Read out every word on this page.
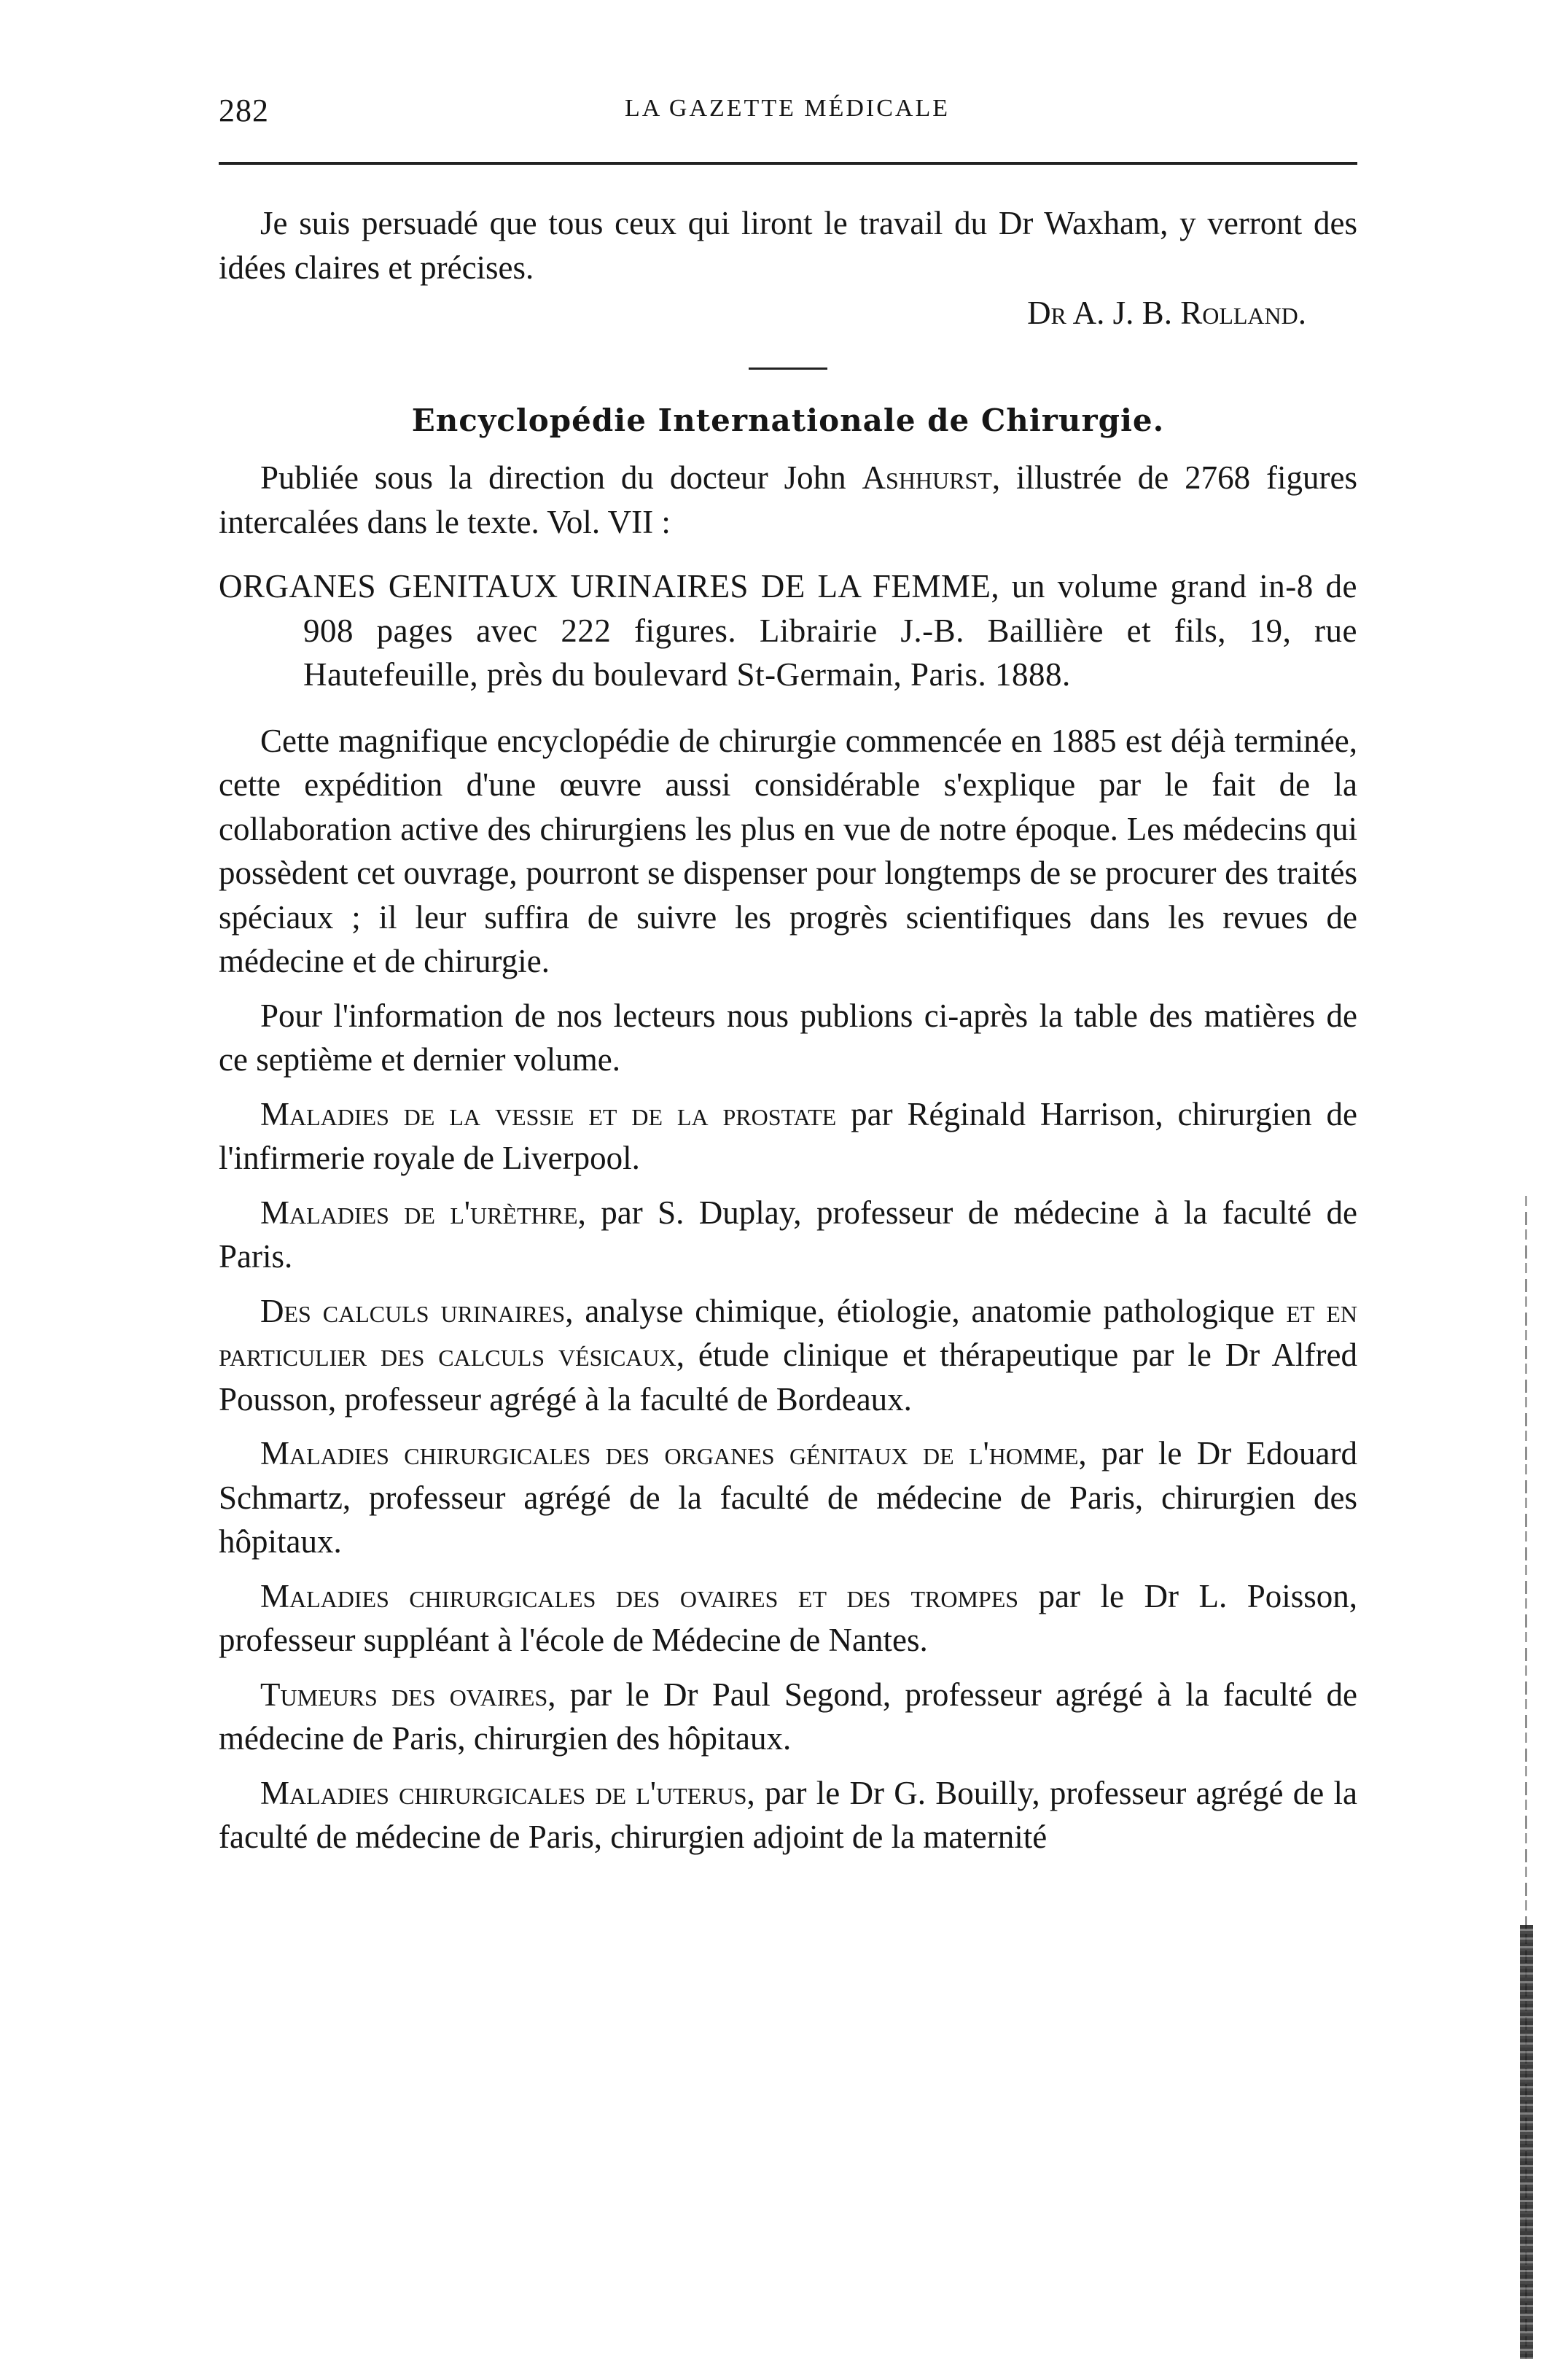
282	LA GAZETTE MÉDICALE

Je suis persuadé que tous ceux qui liront le travail du Dr Waxham, y verront des idées claires et précises.

Dr A. J. B. Rolland.

Encyclopédie Internationale de Chirurgie.

Publiée sous la direction du docteur John Ashhurst, illustrée de 2768 figures intercalées dans le texte. Vol. VII :

ORGANES GENITAUX URINAIRES DE LA FEMME, un volume grand in-8 de 908 pages avec 222 figures. Librairie J.-B. Baillière et fils, 19, rue Hautefeuille, près du boulevard St-Germain, Paris. 1888.

Cette magnifique encyclopédie de chirurgie commencée en 1885 est déjà terminée, cette expédition d'une œuvre aussi considérable s'explique par le fait de la collaboration active des chirurgiens les plus en vue de notre époque. Les médecins qui possèdent cet ouvrage, pourront se dispenser pour longtemps de se procurer des traités spéciaux ; il leur suffira de suivre les progrès scientifiques dans les revues de médecine et de chirurgie.

Pour l'information de nos lecteurs nous publions ci-après la table des matières de ce septième et dernier volume.

Maladies de la vessie et de la prostate par Réginald Harrison, chirurgien de l'infirmerie royale de Liverpool.

Maladies de l'urèthre, par S. Duplay, professeur de médecine à la faculté de Paris.

Des calculs urinaires, analyse chimique, étiologie, anatomie pathologique et en particulier des calculs vésicaux, étude clinique et thérapeutique par le Dr Alfred Pousson, professeur agrégé à la faculté de Bordeaux.

Maladies chirurgicales des organes génitaux de l'homme, par le Dr Edouard Schmartz, professeur agrégé de la faculté de médecine de Paris, chirurgien des hôpitaux.

Maladies chirurgicales des ovaires et des trompes par le Dr L. Poisson, professeur suppléant à l'école de Médecine de Nantes.

Tumeurs des ovaires, par le Dr Paul Segond, professeur agrégé à la faculté de médecine de Paris, chirurgien des hôpitaux.

Maladies chirurgicales de l'uterus, par le Dr G. Bouilly, professeur agrégé de la faculté de médecine de Paris, chirurgien adjoint de la maternité
